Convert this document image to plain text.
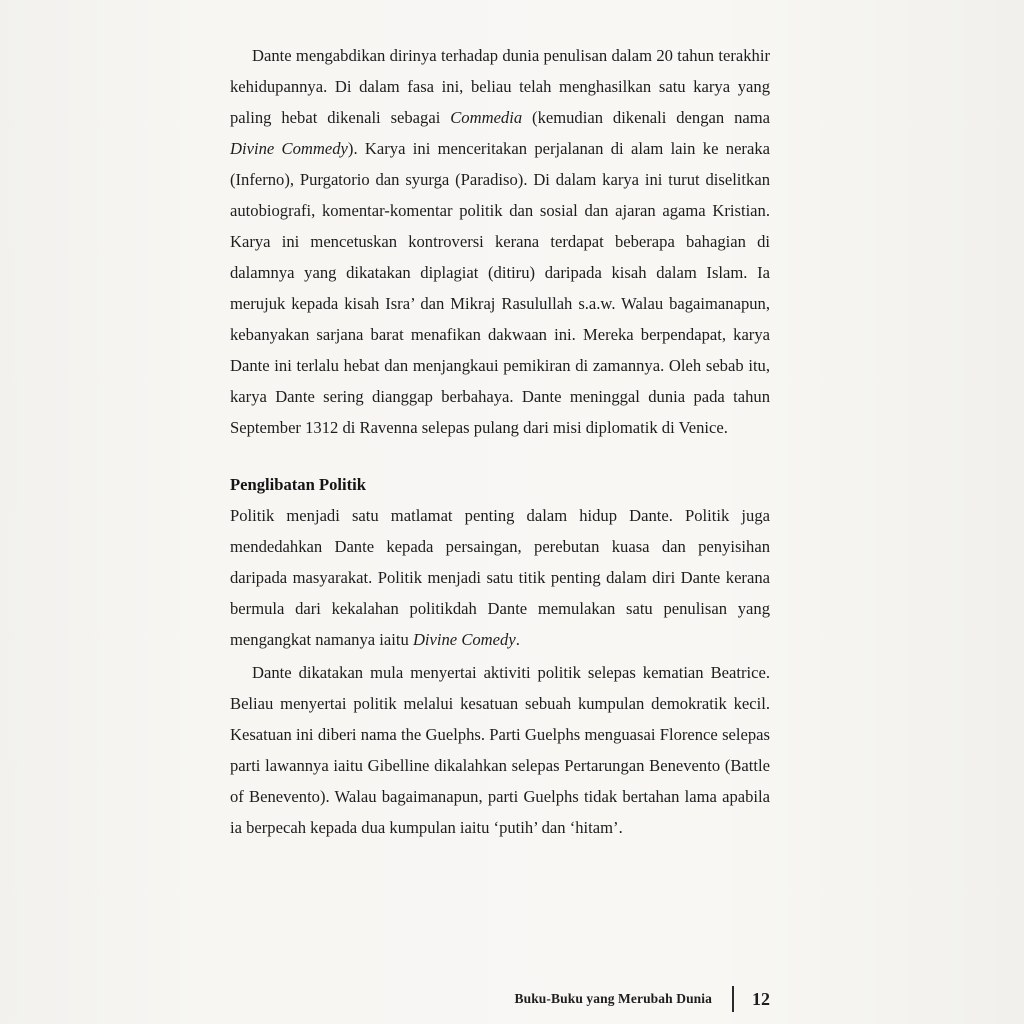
Dante mengabdikan dirinya terhadap dunia penulisan dalam 20 tahun terakhir kehidupannya. Di dalam fasa ini, beliau telah menghasilkan satu karya yang paling hebat dikenali sebagai Commedia (kemudian dikenali dengan nama Divine Commedy). Karya ini menceritakan perjalanan di alam lain ke neraka (Inferno), Purgatorio dan syurga (Paradiso). Di dalam karya ini turut diselitkan autobiografi, komentar-komentar politik dan sosial dan ajaran agama Kristian. Karya ini mencetuskan kontroversi kerana terdapat beberapa bahagian di dalamnya yang dikatakan diplagiat (ditiru) daripada kisah dalam Islam. Ia merujuk kepada kisah Isra’ dan Mikraj Rasulullah s.a.w. Walau bagaimanapun, kebanyakan sarjana barat menafikan dakwaan ini. Mereka berpendapat, karya Dante ini terlalu hebat dan menjangkaui pemikiran di zamannya. Oleh sebab itu, karya Dante sering dianggap berbahaya. Dante meninggal dunia pada tahun September 1312 di Ravenna selepas pulang dari misi diplomatik di Venice.

Penglibatan Politik

Politik menjadi satu matlamat penting dalam hidup Dante. Politik juga mendedahkan Dante kepada persaingan, perebutan kuasa dan penyisihan daripada masyarakat. Politik menjadi satu titik penting dalam diri Dante kerana bermula dari kekalahan politikdah Dante memulakan satu penulisan yang mengangkat namanya iaitu Divine Comedy.

Dante dikatakan mula menyertai aktiviti politik selepas kematian Beatrice. Beliau menyertai politik melalui kesatuan sebuah kumpulan demokratik kecil. Kesatuan ini diberi nama the Guelphs. Parti Guelphs menguasai Florence selepas parti lawannya iaitu Gibelline dikalahkan selepas Pertarungan Benevento (Battle of Benevento). Walau bagaimanapun, parti Guelphs tidak bertahan lama apabila ia berpecah kepada dua kumpulan iaitu ‘putih’ dan ‘hitam’.

Buku-Buku yang Merubah Dunia 12
